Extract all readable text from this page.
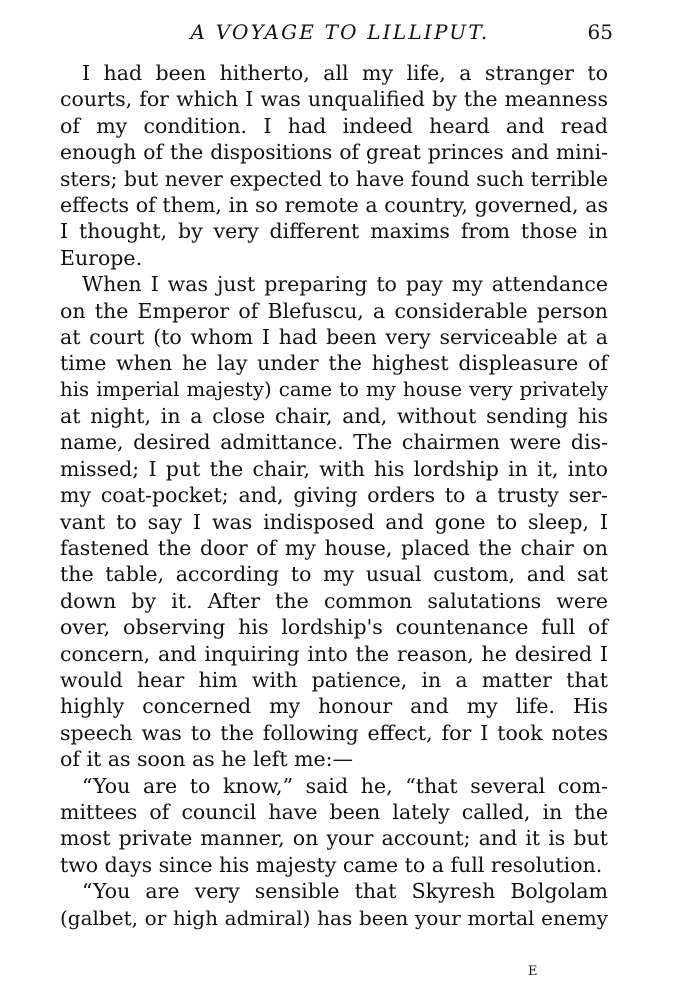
A VOYAGE TO LILLIPUT.	65
I had been hitherto, all my life, a stranger to
courts, for which I was unqualified by the meanness
of my condition. I had indeed heard and read
enough of the dispositions of great princes and mini-
sters; but never expected to have found such terrible
effects of them, in so remote a country, governed, as
I thought, by very different maxims from those in
Europe.
When I was just preparing to pay my attendance
on the Emperor of Blefuscu, a considerable person
at court (to whom I had been very serviceable at a
time when he lay under the highest displeasure of
his imperial majesty) came to my house very privately
at night, in a close chair, and, without sending his
name, desired admittance. The chairmen were dis-
missed; I put the chair, with his lordship in it, into
my coat-pocket; and, giving orders to a trusty ser-
vant to say I was indisposed and gone to sleep, I
fastened the door of my house, placed the chair on
the table, according to my usual custom, and sat
down by it. After the common salutations were
over, observing his lordship's countenance full of
concern, and inquiring into the reason, he desired I
would hear him with patience, in a matter that
highly concerned my honour and my life. His
speech was to the following effect, for I took notes
of it as soon as he left me:—
“You are to know,” said he, “that several com-
mittees of council have been lately called, in the
most private manner, on your account; and it is but
two days since his majesty came to a full resolution.
“You are very sensible that Skyresh Bolgolam
(galbet, or high admiral) has been your mortal enemy
E
